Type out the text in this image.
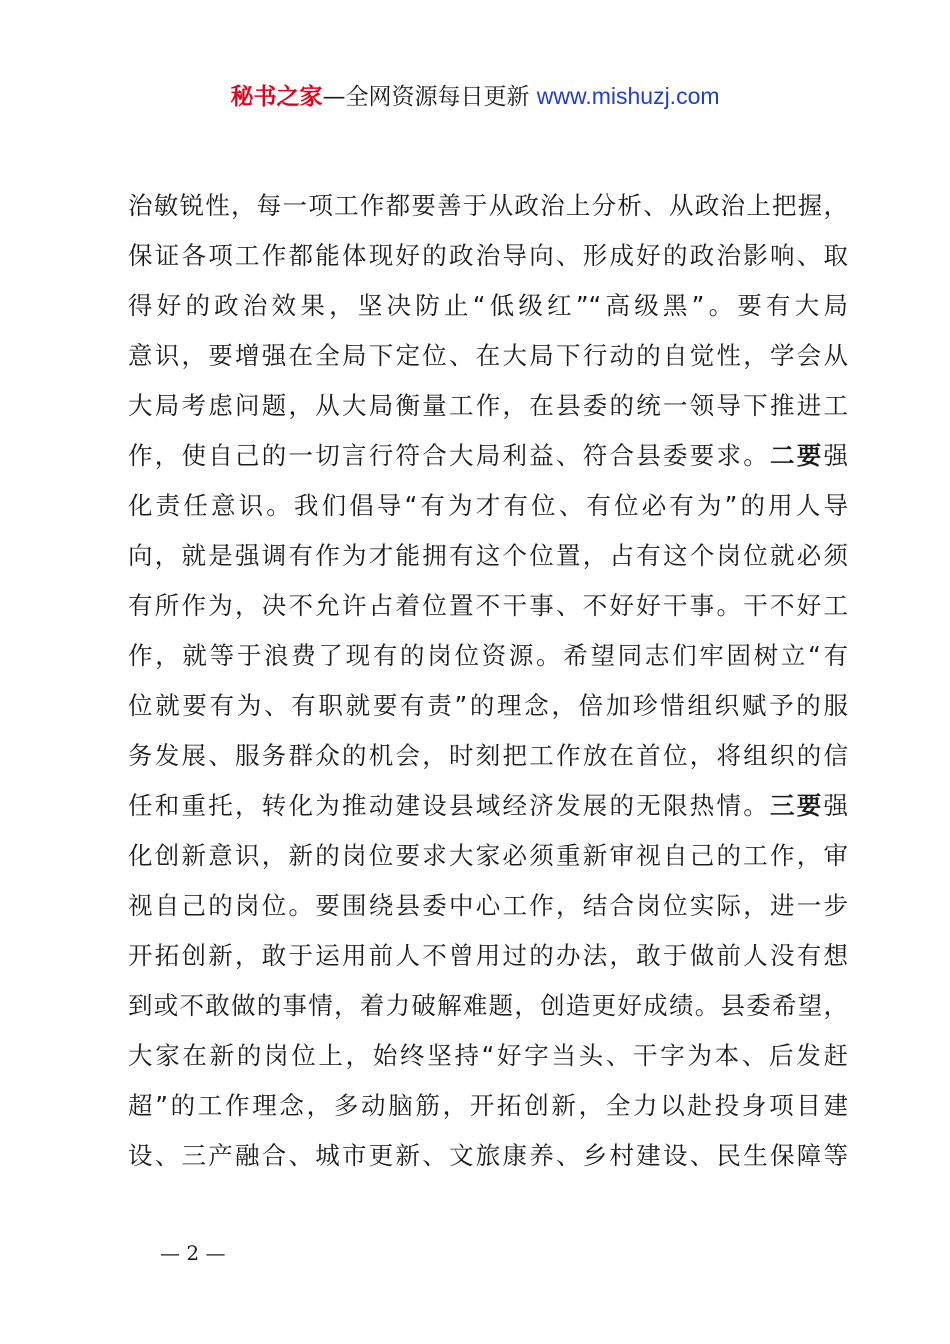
秘书之家—全网资源每日更新 www.mishuzj.com
治敏锐性，每一项工作都要善于从政治上分析、从政治上把握，
保证各项工作都能体现好的政治导向、形成好的政治影响、取
得好的政治效果，坚决防止“低级红”“高级黑”。要有大局
意识，要增强在全局下定位、在大局下行动的自觉性，学会从
大局考虑问题，从大局衡量工作，在县委的统一领导下推进工
作，使自己的一切言行符合大局利益、符合县委要求。二要强
化责任意识。我们倡导“有为才有位、有位必有为”的用人导
向，就是强调有作为才能拥有这个位置，占有这个岗位就必须
有所作为，决不允许占着位置不干事、不好好干事。干不好工
作，就等于浪费了现有的岗位资源。希望同志们牢固树立“有
位就要有为、有职就要有责”的理念，倍加珍惜组织赋予的服
务发展、服务群众的机会，时刻把工作放在首位，将组织的信
任和重托，转化为推动建设县域经济发展的无限热情。三要强
化创新意识，新的岗位要求大家必须重新审视自己的工作，审
视自己的岗位。要围绕县委中心工作，结合岗位实际，进一步
开拓创新，敢于运用前人不曾用过的办法，敢于做前人没有想
到或不敢做的事情，着力破解难题，创造更好成绩。县委希望，
大家在新的岗位上，始终坚持“好字当头、干字为本、后发赶
超”的工作理念，多动脑筋，开拓创新，全力以赴投身项目建
设、三产融合、城市更新、文旅康养、乡村建设、民生保障等
— 2 —
